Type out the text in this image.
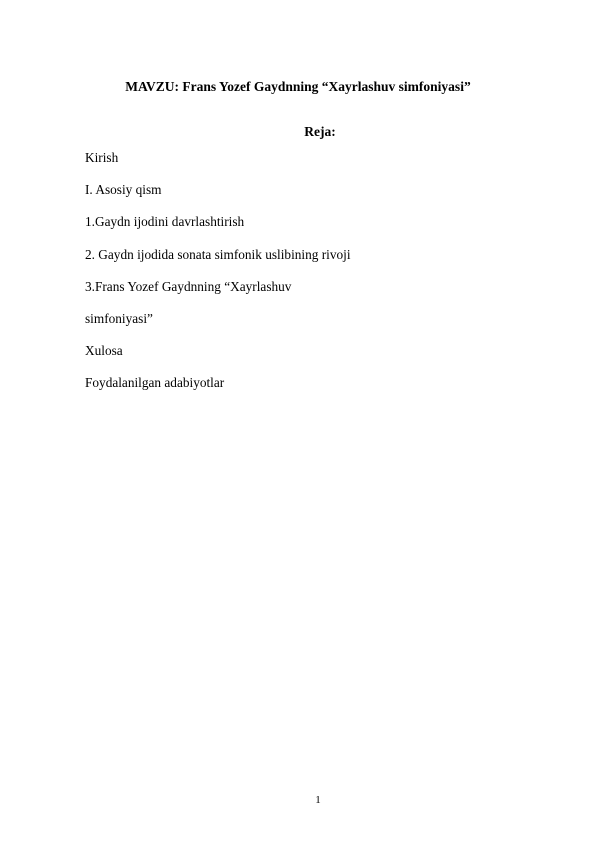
MAVZU: Frans Yozef Gaydnning “Xayrlashuv simfoniyasi”
Reja:
Kirish
I. Asosiy qism
1.Gaydn ijodini davrlashtirish
2. Gaydn ijodida sonata simfonik uslibining rivoji
3.Frans Yozef Gaydnning “Xayrlashuv
simfoniyasi”
Xulosa
Foydalanilgan adabiyotlar
1
